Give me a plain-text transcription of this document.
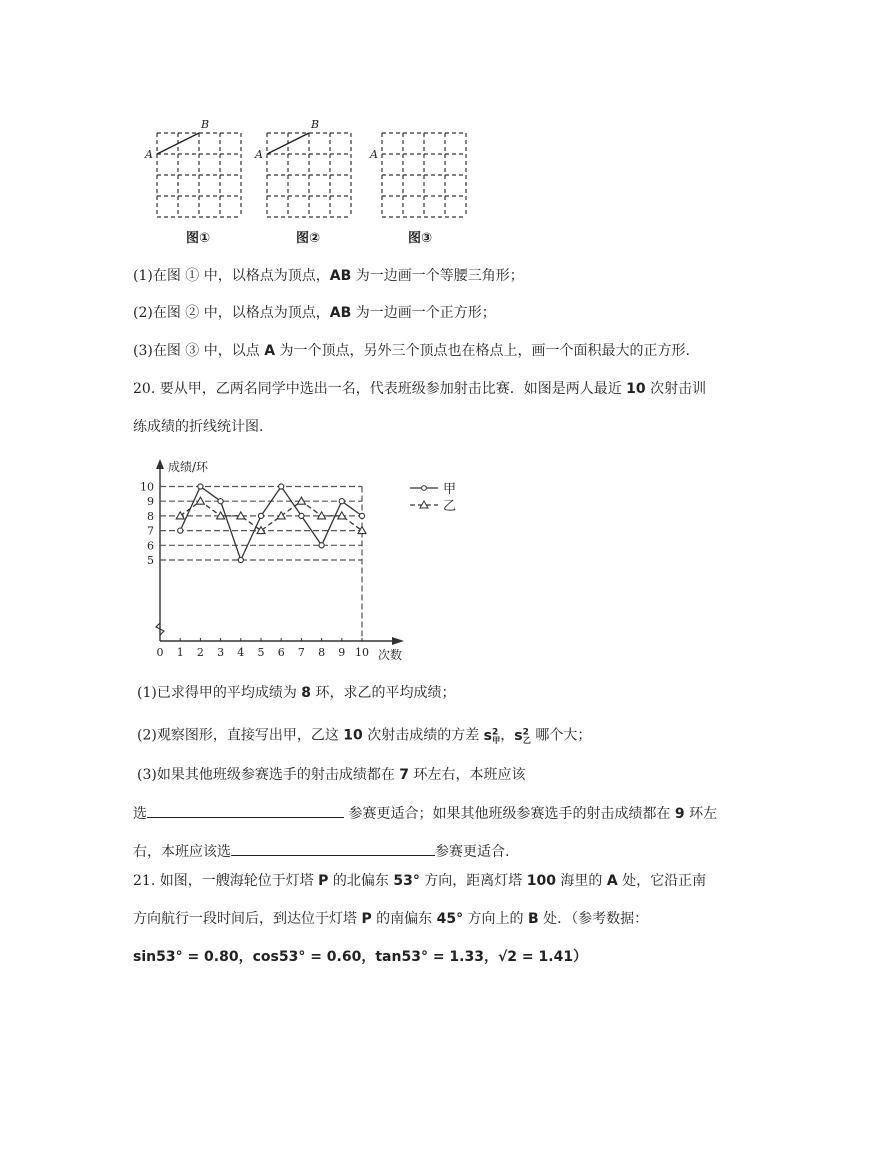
A
B
A
B
A
图①	图②	图③
(1)在图 ① 中，以格点为顶点，AB 为一边画一个等腰三角形；
(2)在图 ② 中，以格点为顶点，AB 为一边画一个正方形；
(3)在图 ③ 中，以点 A 为一个顶点，另外三个顶点也在格点上，画一个面积最大的正方形.
20. 要从甲，乙两名同学中选出一名，代表班级参加射击比赛．如图是两人最近 10 次射击训
练成绩的折线统计图.
5
6
7
8
9
10
0 1 2 3 4 5 6 7 8 9 10
成绩/环
次数
甲
乙
(1)已求得甲的平均成绩为 8 环，求乙的平均成绩；
(2)观察图形，直接写出甲，乙这 10 次射击成绩的方差 $s^2_甲$，$s^2_乙$ 哪个大；
(3)如果其他班级参赛选手的射击成绩都在 7 环左右，本班应该
选	参赛更适合；如果其他班级参赛选手的射击成绩都在 9 环左
右，本班应该选	参赛更适合.
21. 如图，一艘海轮位于灯塔 P 的北偏东 53° 方向，距离灯塔 100 海里的 A 处，它沿正南
方向航行一段时间后，到达位于灯塔 P 的南偏东 45° 方向上的 B 处．（参考数据：
sin53° = 0.80，cos53° = 0.60，tan53° = 1.33，√2 = 1.41）
